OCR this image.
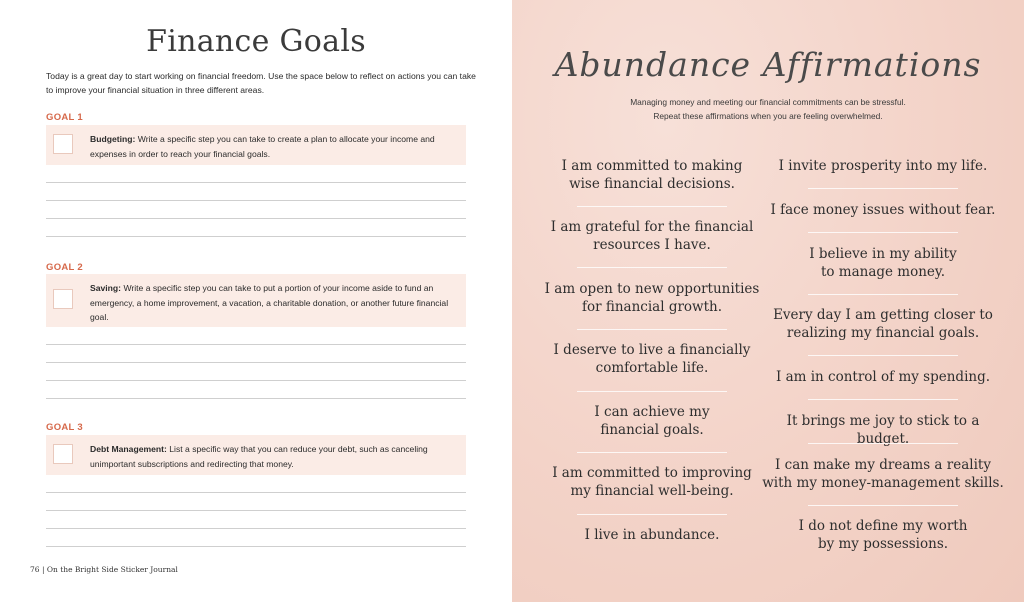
Finance Goals
Today is a great day to start working on financial freedom. Use the space below to reflect on actions you can take to improve your financial situation in three different areas.
GOAL 1
Budgeting: Write a specific step you can take to create a plan to allocate your income and expenses in order to reach your financial goals.
GOAL 2
Saving: Write a specific step you can take to put a portion of your income aside to fund an emergency, a home improvement, a vacation, a charitable donation, or another future financial goal.
GOAL 3
Debt Management: List a specific way that you can reduce your debt, such as canceling unimportant subscriptions and redirecting that money.
76 | On the Bright Side Sticker Journal
Abundance Affirmations
Managing money and meeting our financial commitments can be stressful.
Repeat these affirmations when you are feeling overwhelmed.
I am committed to making
wise financial decisions.
I am grateful for the financial
resources I have.
I am open to new opportunities
for financial growth.
I deserve to live a financially
comfortable life.
I can achieve my
financial goals.
I am committed to improving
my financial well-being.
I live in abundance.
I invite prosperity into my life.
I face money issues without fear.
I believe in my ability
to manage money.
Every day I am getting closer to
realizing my financial goals.
I am in control of my spending.
It brings me joy to stick to a budget.
I can make my dreams a reality
with my money-management skills.
I do not define my worth
by my possessions.
